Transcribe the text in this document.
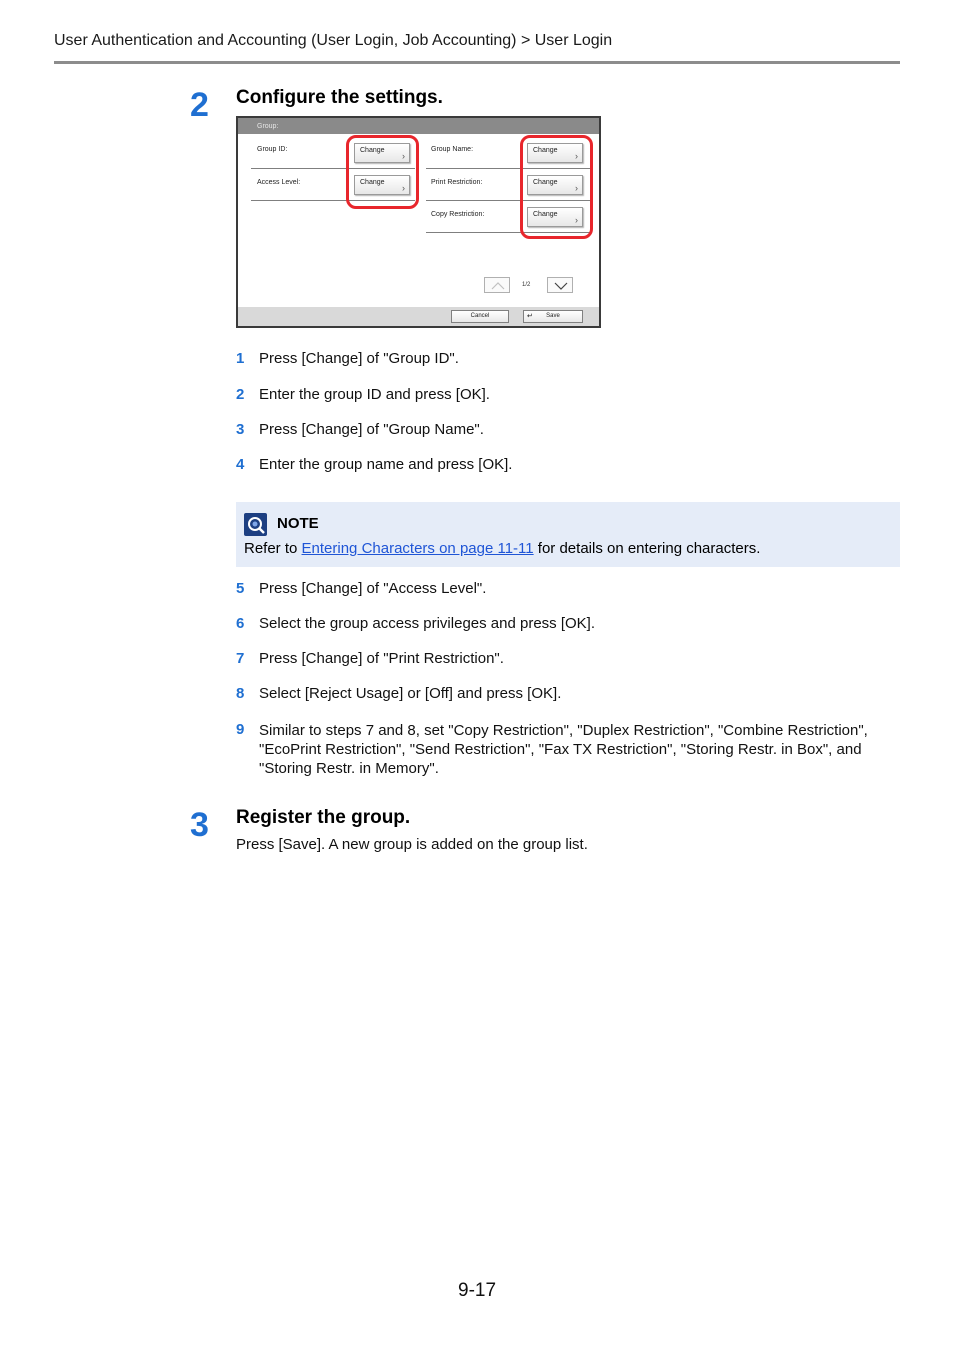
User Authentication and Accounting (User Login, Job Accounting) > User Login
2 Configure the settings.
Group:
Group ID:	Change
›
Access Level:	Change
›
Group Name:	Change
›
Print Restriction:	Change
›
Copy Restriction:	Change
›
1/2
Cancel	↵ Save
1 Press [Change] of "Group ID".
2 Enter the group ID and press [OK].
3 Press [Change] of "Group Name".
4 Enter the group name and press [OK].
NOTE
Refer to Entering Characters on page 11-11 for details on entering characters.
5 Press [Change] of "Access Level".
6 Select the group access privileges and press [OK].
7 Press [Change] of "Print Restriction".
8 Select [Reject Usage] or [Off] and press [OK].
9 Similar to steps 7 and 8, set "Copy Restriction", "Duplex Restriction", "Combine Restriction", "EcoPrint Restriction", "Send Restriction", "Fax TX Restriction", "Storing Restr. in Box", and "Storing Restr. in Memory".
3 Register the group.
Press [Save]. A new group is added on the group list.
9-17
